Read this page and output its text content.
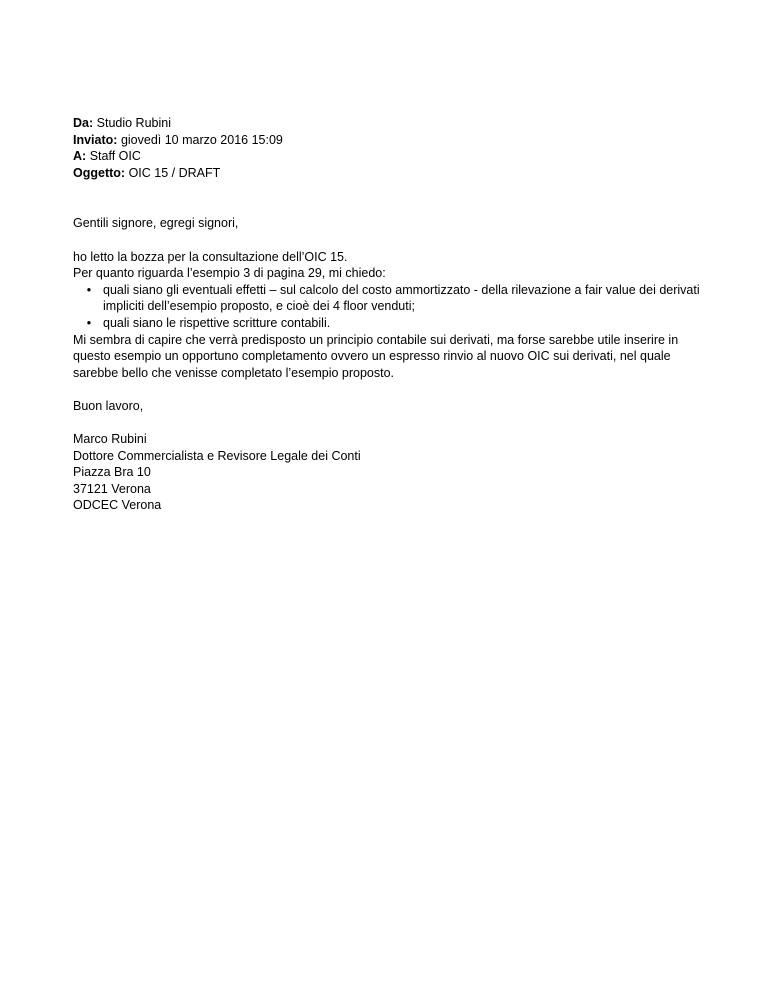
Da: Studio Rubini
Inviato: giovedì 10 marzo 2016 15:09
A: Staff OIC
Oggetto: OIC 15 / DRAFT

Gentili signore, egregi signori,

ho letto la bozza per la consultazione dell’OIC 15.

Per quanto riguarda l’esempio 3 di pagina 29, mi chiedo:

• quali siano gli eventuali effetti – sul calcolo del costo ammortizzato - della rilevazione a fair value dei derivati impliciti dell’esempio proposto, e cioè dei 4 floor venduti;
• quali siano le rispettive scritture contabili.

Mi sembra di capire che verrà predisposto un principio contabile sui derivati, ma forse sarebbe utile inserire in questo esempio un opportuno completamento ovvero un espresso rinvio al nuovo OIC sui derivati, nel quale sarebbe bello che venisse completato l’esempio proposto.

Buon lavoro,

Marco Rubini

Dottore Commercialista e Revisore Legale dei Conti

Piazza Bra 10

37121 Verona

ODCEC Verona
